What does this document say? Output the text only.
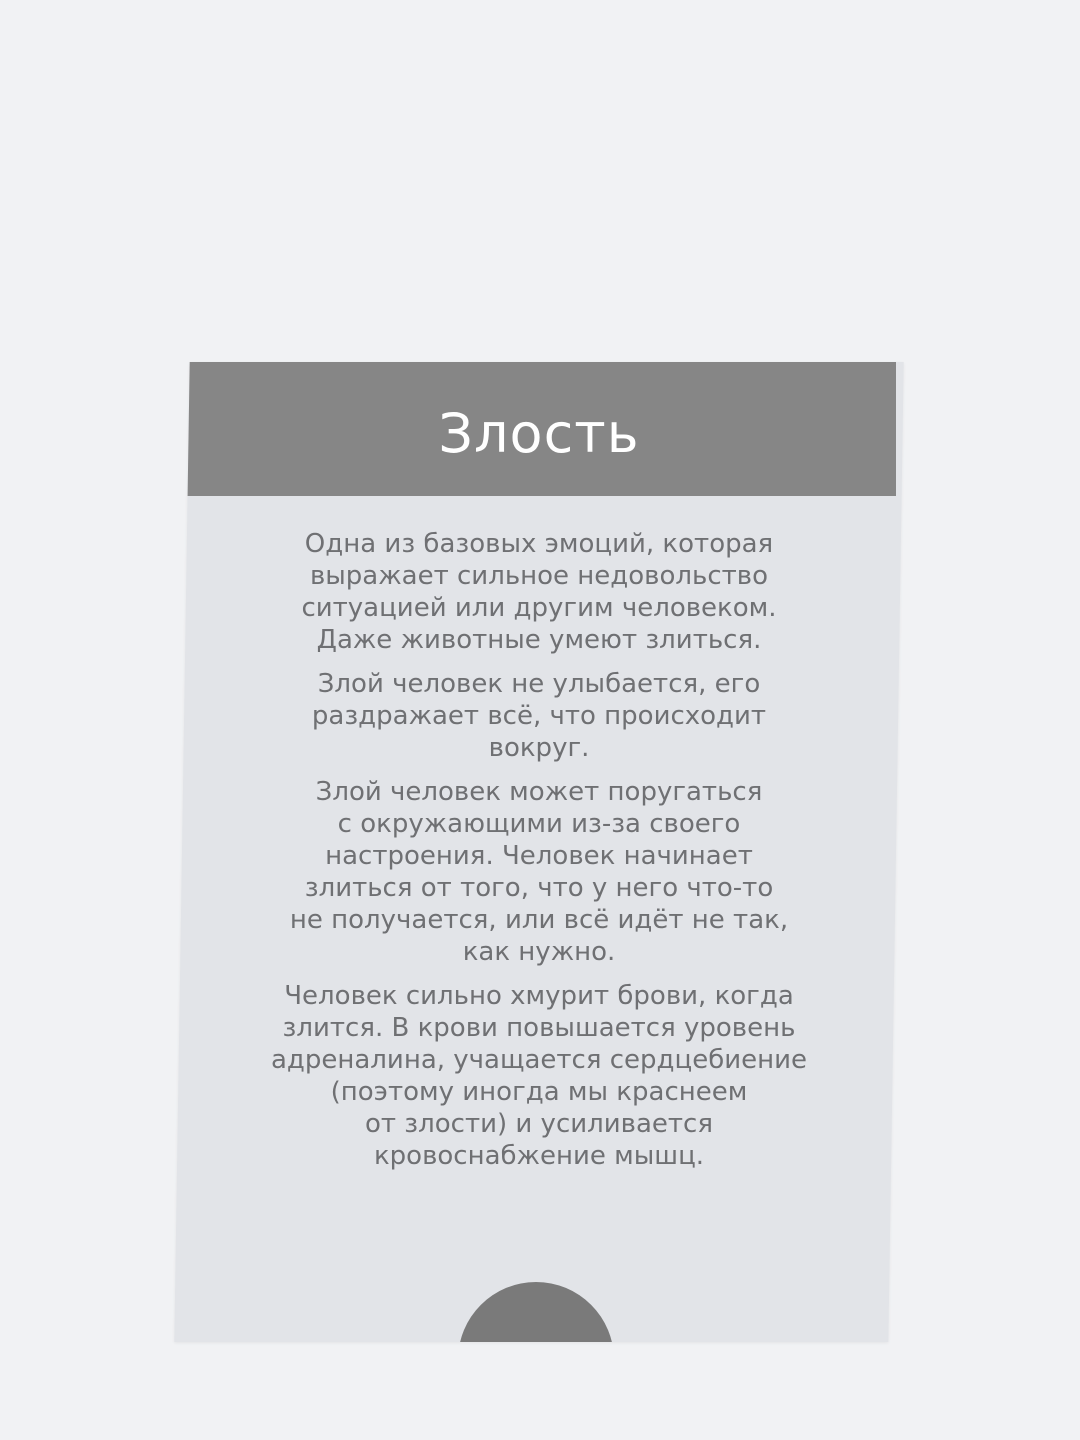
Злость

Одна из базовых эмоций, которая
выражает сильное недовольство
ситуацией или другим человеком.
Даже животные умеют злиться.

Злой человек не улыбается, его
раздражает всё, что происходит
вокруг.

Злой человек может поругаться
с окружающими из-за своего
настроения. Человек начинает
злиться от того, что у него что-то
не получается, или всё идёт не так,
как нужно.

Человек сильно хмурит брови, когда
злится. В крови повышается уровень
адреналина, учащается сердцебиение
(поэтому иногда мы краснеем
от злости) и усиливается
кровоснабжение мышц.
